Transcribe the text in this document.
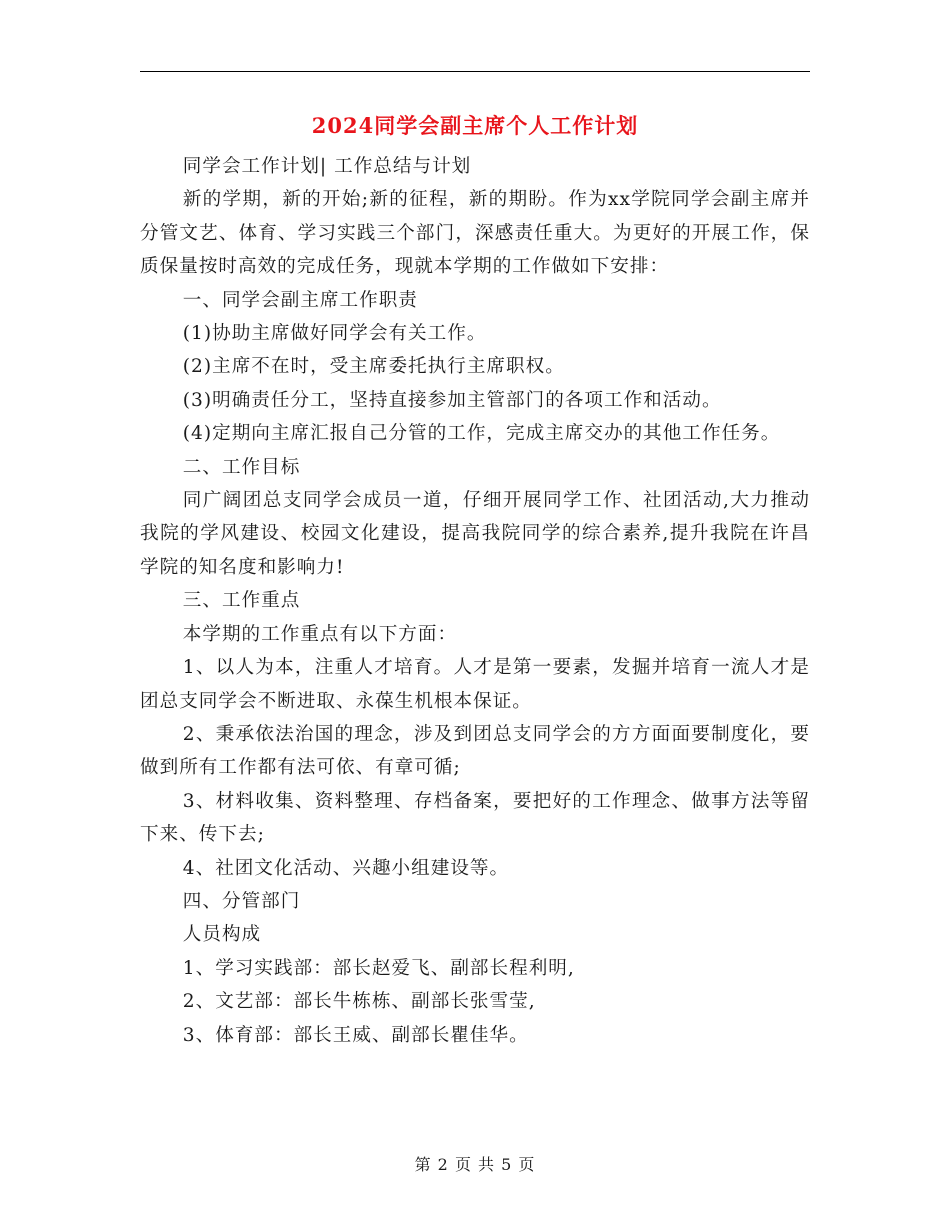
2024同学会副主席个人工作计划

同学会工作计划| 工作总结与计划

新的学期，新的开始;新的征程，新的期盼。作为xx学院同学会副主席并分管文艺、体育、学习实践三个部门，深感责任重大。为更好的开展工作，保质保量按时高效的完成任务，现就本学期的工作做如下安排：

一、同学会副主席工作职责

(1)协助主席做好同学会有关工作。

(2)主席不在时，受主席委托执行主席职权。

(3)明确责任分工，坚持直接参加主管部门的各项工作和活动。

(4)定期向主席汇报自己分管的工作，完成主席交办的其他工作任务。

二、工作目标

同广阔团总支同学会成员一道，仔细开展同学工作、社团活动,大力推动我院的学风建设、校园文化建设，提高我院同学的综合素养,提升我院在许昌学院的知名度和影响力!

三、工作重点

本学期的工作重点有以下方面：

1、以人为本，注重人才培育。人才是第一要素，发掘并培育一流人才是团总支同学会不断进取、永葆生机根本保证。

2、秉承依法治国的理念，涉及到团总支同学会的方方面面要制度化，要做到所有工作都有法可依、有章可循;

3、材料收集、资料整理、存档备案，要把好的工作理念、做事方法等留下来、传下去;

4、社团文化活动、兴趣小组建设等。

四、分管部门

人员构成

1、学习实践部：部长赵爱飞、副部长程利明,

2、文艺部：部长牛栋栋、副部长张雪莹,

3、体育部：部长王威、副部长瞿佳华。

第 2 页 共 5 页
